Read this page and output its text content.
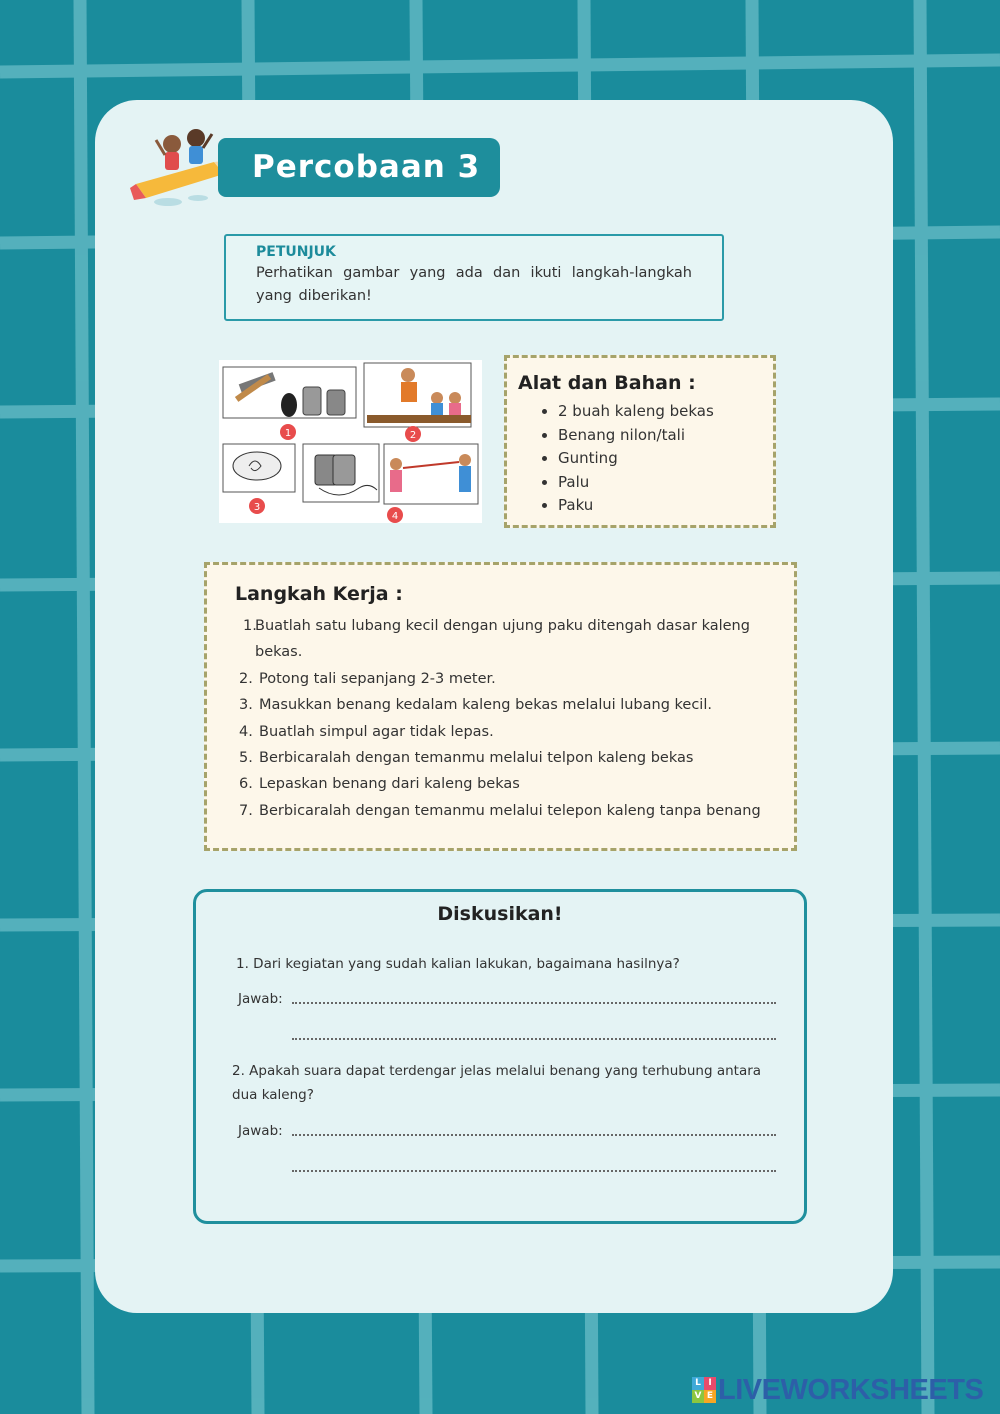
Percobaan 3
PETUNJUK
Perhatikan gambar yang ada dan ikuti langkah-langkah yang diberikan!
1	2
3
4
Alat dan Bahan :
• 2 buah kaleng bekas
• Benang nilon/tali
• Gunting
• Palu
• Paku
Langkah Kerja :
1.
Buatlah satu lubang kecil dengan ujung paku ditengah dasar kaleng bekas.
2. Potong tali sepanjang 2-3 meter.
3. Masukkan benang kedalam kaleng bekas melalui lubang kecil.
4. Buatlah simpul agar tidak lepas.
5. Berbicaralah dengan temanmu melalui telpon kaleng bekas
6. Lepaskan benang dari kaleng bekas
7. Berbicaralah dengan temanmu melalui telepon kaleng tanpa benang
Diskusikan!
1. Dari kegiatan yang sudah kalian lakukan, bagaimana hasilnya?
Jawab:
2. Apakah suara dapat terdengar jelas melalui benang yang terhubung antara dua kaleng?
Jawab:
L I
V E LIVEWORKSHEETS
